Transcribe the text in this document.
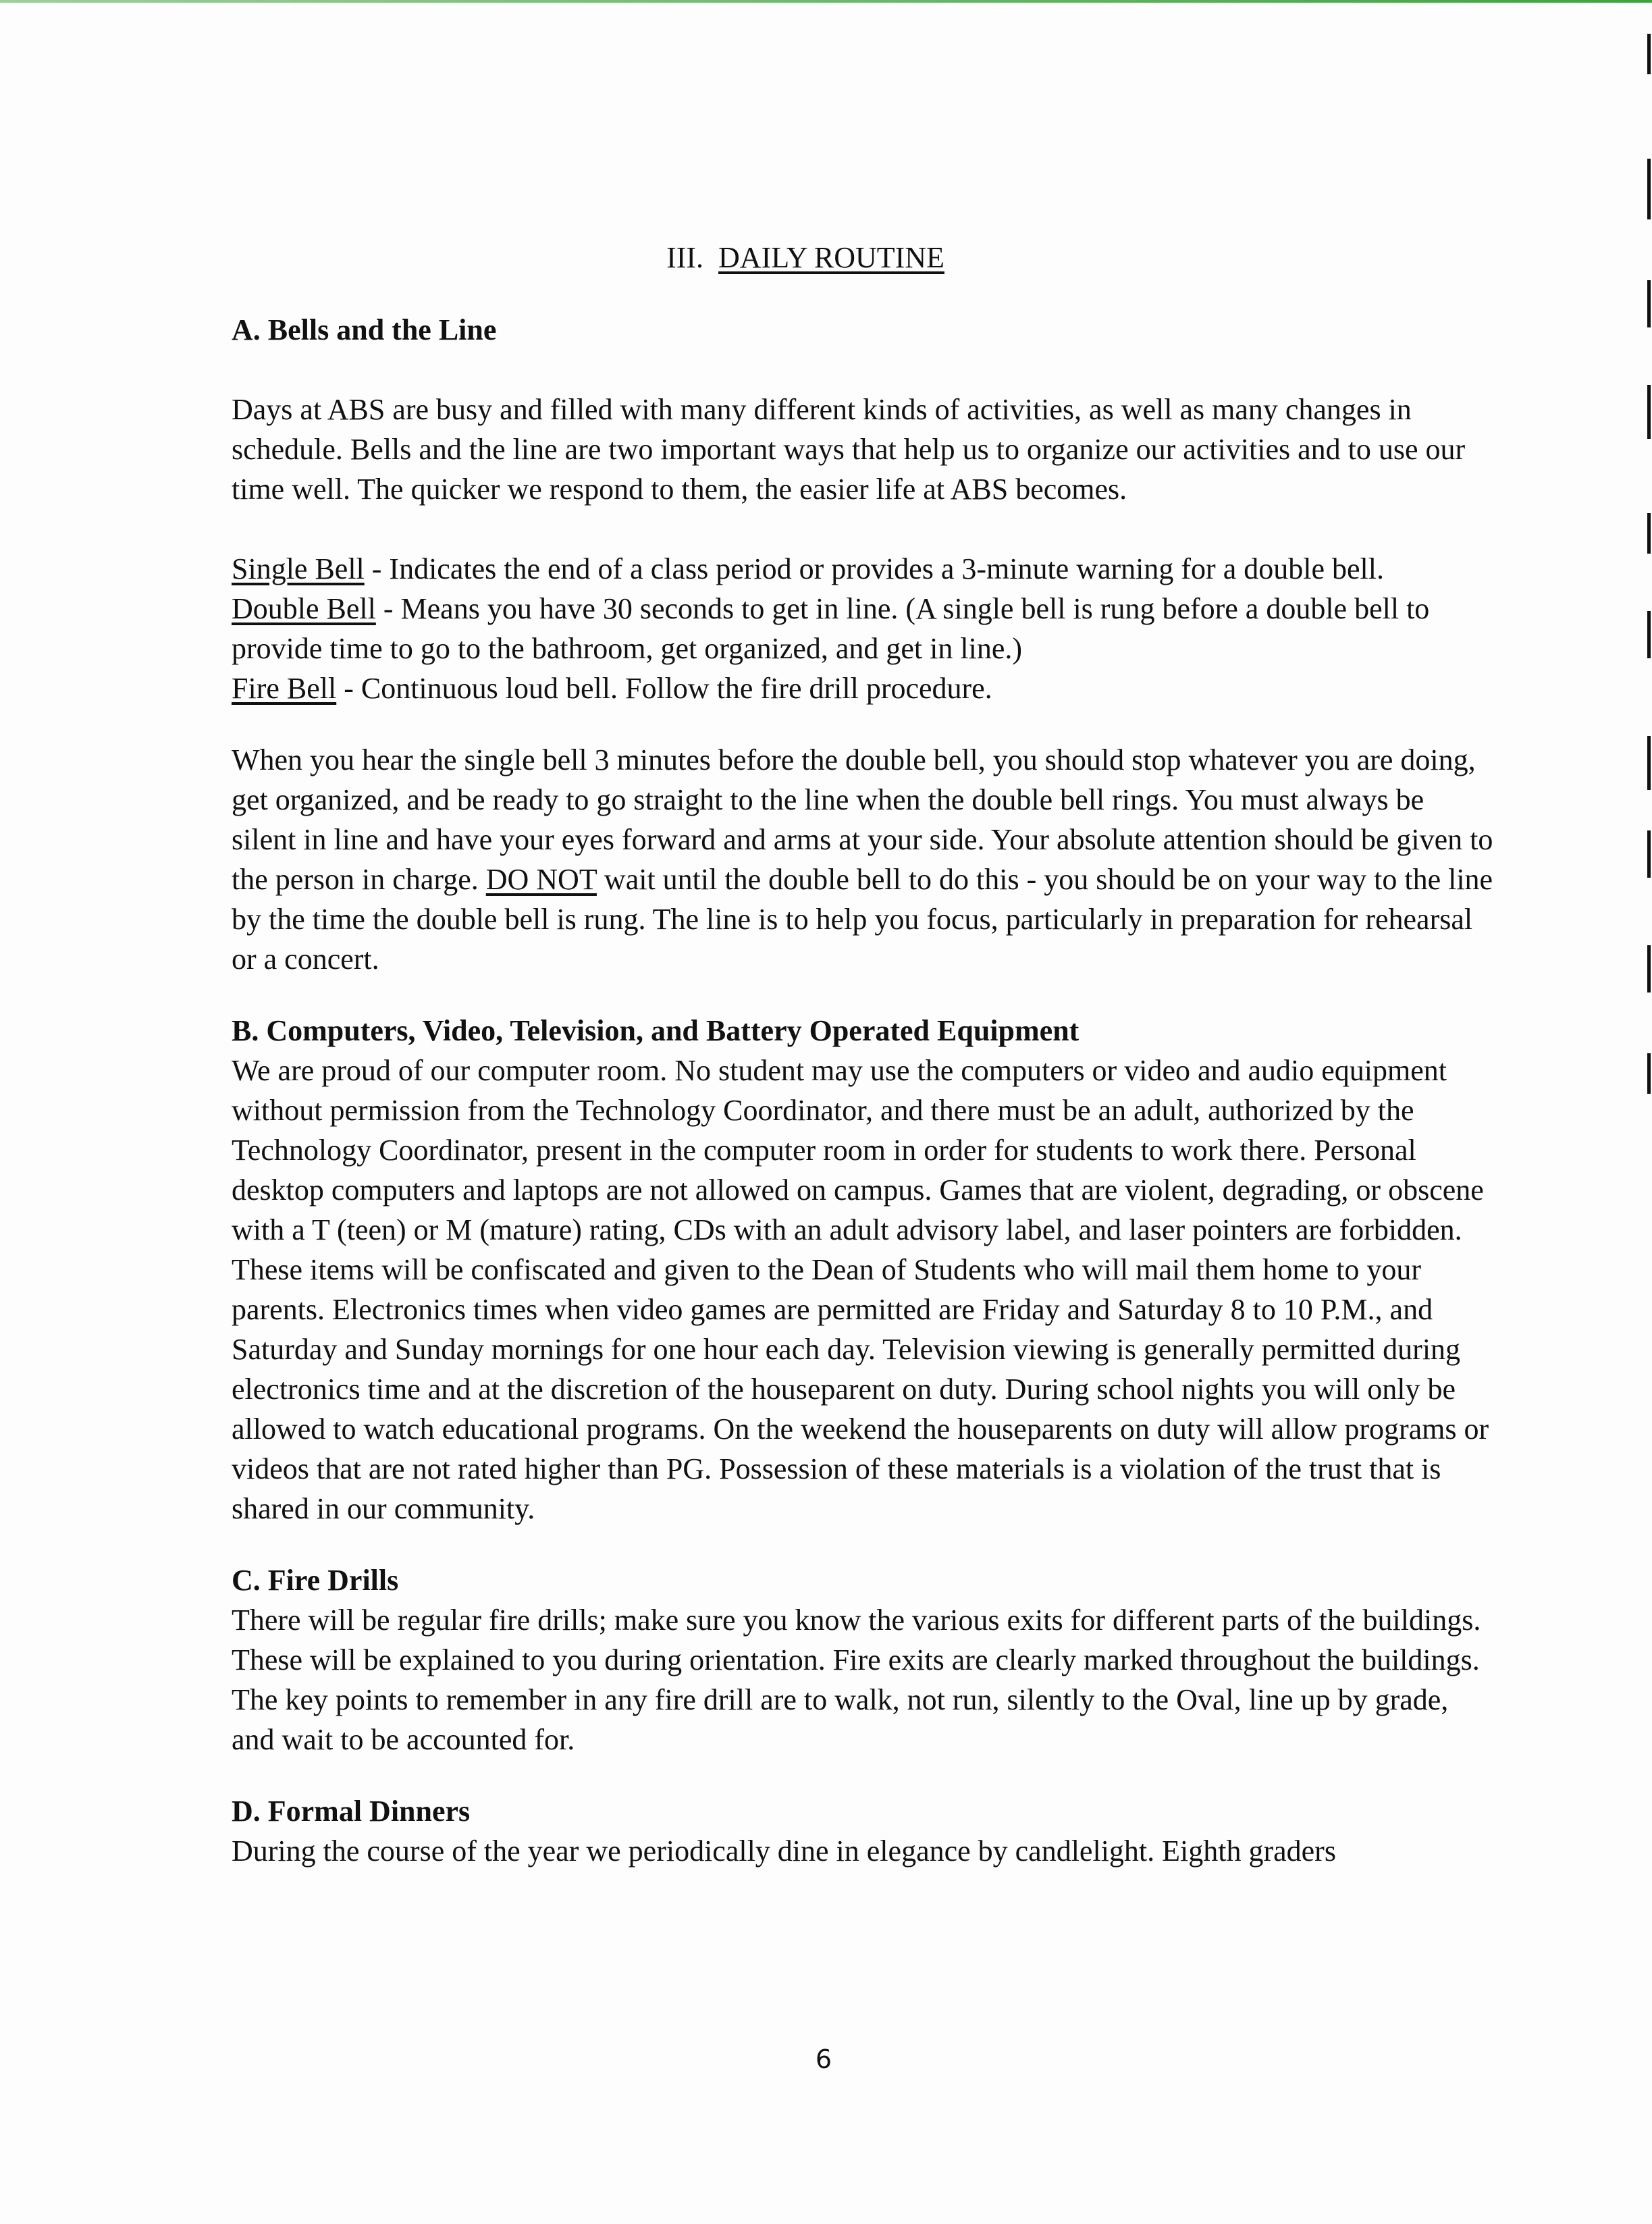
III. DAILY ROUTINE
A. Bells and the Line

Days at ABS are busy and filled with many different kinds of activities, as well as many changes in schedule. Bells and the line are two important ways that help us to organize our activities and to use our time well. The quicker we respond to them, the easier life at ABS becomes.

Single Bell - Indicates the end of a class period or provides a 3-minute warning for a double bell.

Double Bell - Means you have 30 seconds to get in line. (A single bell is rung before a double bell to provide time to go to the bathroom, get organized, and get in line.)

Fire Bell - Continuous loud bell. Follow the fire drill procedure.

When you hear the single bell 3 minutes before the double bell, you should stop whatever you are doing, get organized, and be ready to go straight to the line when the double bell rings. You must always be silent in line and have your eyes forward and arms at your side. Your absolute attention should be given to the person in charge. DO NOT wait until the double bell to do this - you should be on your way to the line by the time the double bell is rung. The line is to help you focus, particularly in preparation for rehearsal or a concert.

B. Computers, Video, Television, and Battery Operated Equipment

We are proud of our computer room. No student may use the computers or video and audio equipment without permission from the Technology Coordinator, and there must be an adult, authorized by the Technology Coordinator, present in the computer room in order for students to work there. Personal desktop computers and laptops are not allowed on campus. Games that are violent, degrading, or obscene with a T (teen) or M (mature) rating, CDs with an adult advisory label, and laser pointers are forbidden. These items will be confiscated and given to the Dean of Students who will mail them home to your parents. Electronics times when video games are permitted are Friday and Saturday 8 to 10 P.M., and Saturday and Sunday mornings for one hour each day. Television viewing is generally permitted during electronics time and at the discretion of the houseparent on duty. During school nights you will only be allowed to watch educational programs. On the weekend the houseparents on duty will allow programs or videos that are not rated higher than PG. Possession of these materials is a violation of the trust that is shared in our community.

C. Fire Drills

There will be regular fire drills; make sure you know the various exits for different parts of the buildings. These will be explained to you during orientation. Fire exits are clearly marked throughout the buildings. The key points to remember in any fire drill are to walk, not run, silently to the Oval, line up by grade, and wait to be accounted for.

D. Formal Dinners

During the course of the year we periodically dine in elegance by candlelight. Eighth graders

6
